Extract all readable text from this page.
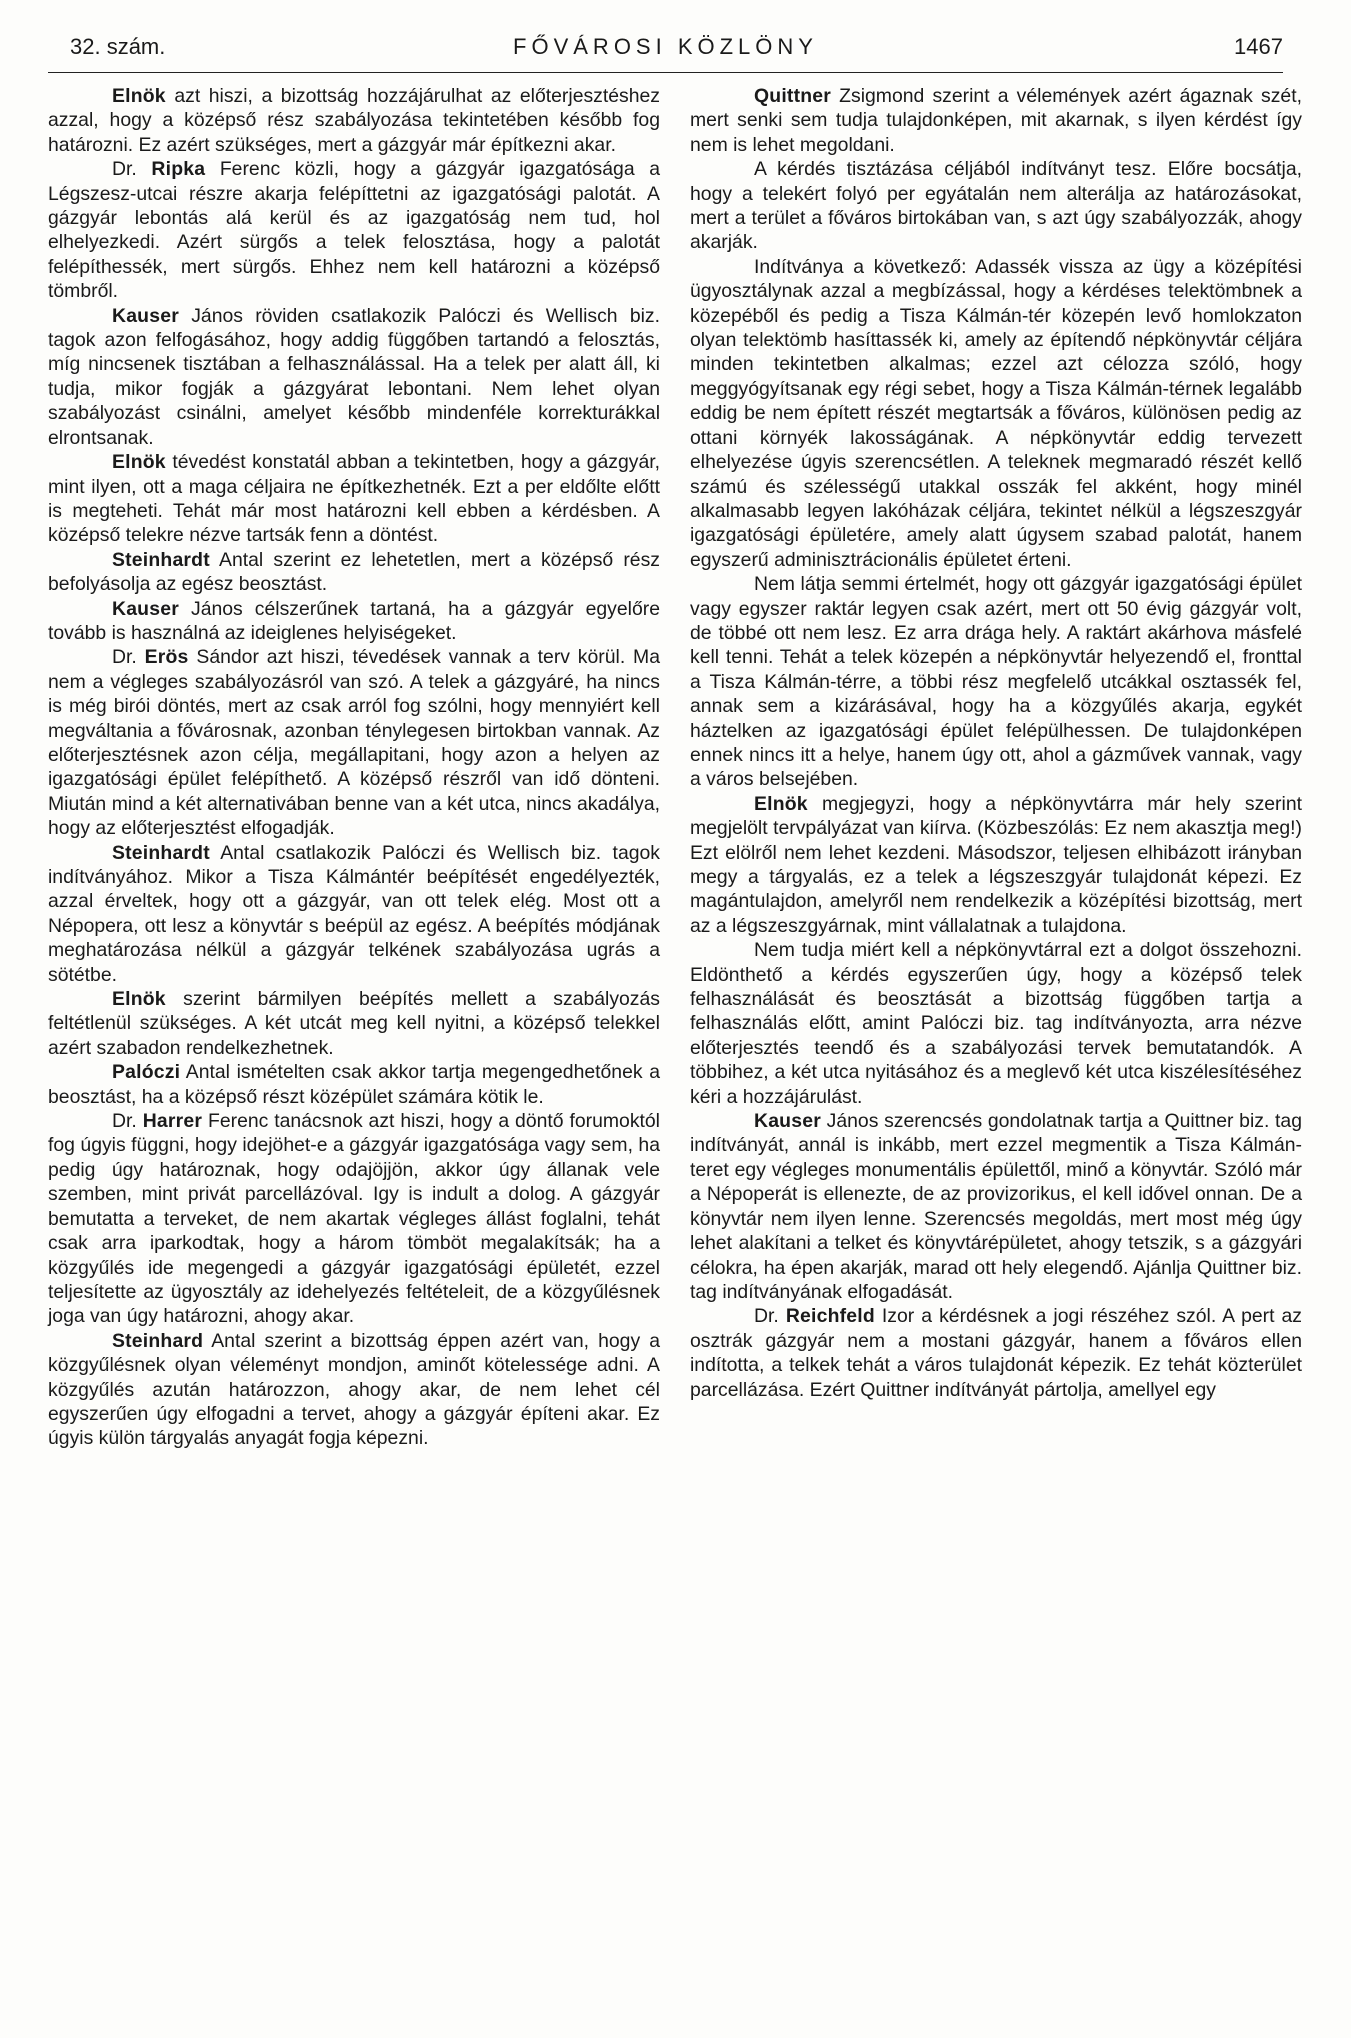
32. szám.	FŐVÁROSI KÖZLÖNY	1467

Elnök azt hiszi, a bizottság hozzájárulhat az előterjesztéshez azzal, hogy a középső rész szabályozása tekintetében később fog határozni. Ez azért szükséges, mert a gázgyár már építkezni akar.

Dr. Ripka Ferenc közli, hogy a gázgyár igazgatósága a Légszesz-utcai részre akarja felépíttetni az igazgatósági palotát. A gázgyár lebontás alá kerül és az igazgatóság nem tud, hol elhelyezkedi. Azért sürgős a telek felosztása, hogy a palotát felépíthessék, mert sürgős. Ehhez nem kell határozni a középső tömbről.

Kauser János röviden csatlakozik Palóczi és Wellisch biz. tagok azon felfogásához, hogy addig függőben tartandó a felosztás, míg nincsenek tisztában a felhasználással. Ha a telek per alatt áll, ki tudja, mikor fogják a gázgyárat lebontani. Nem lehet olyan szabályozást csinálni, amelyet később mindenféle korrekturákkal elrontsanak.

Elnök tévedést konstatál abban a tekintetben, hogy a gázgyár, mint ilyen, ott a maga céljaira ne építkezhetnék. Ezt a per eldőlte előtt is megteheti. Tehát már most határozni kell ebben a kérdésben. A középső telekre nézve tartsák fenn a döntést.

Steinhardt Antal szerint ez lehetetlen, mert a középső rész befolyásolja az egész beosztást.

Kauser János célszerűnek tartaná, ha a gázgyár egyelőre tovább is használná az ideiglenes helyiségeket.

Dr. Erös Sándor azt hiszi, tévedések vannak a terv körül. Ma nem a végleges szabályozásról van szó. A telek a gázgyáré, ha nincs is még birói döntés, mert az csak arról fog szólni, hogy mennyiért kell megváltania a fővárosnak, azonban ténylegesen birtokban vannak. Az előterjesztésnek azon célja, megállapitani, hogy azon a helyen az igazgatósági épület felépíthető. A középső részről van idő dönteni. Miután mind a két alternativában benne van a két utca, nincs akadálya, hogy az előterjesztést elfogadják.

Steinhardt Antal csatlakozik Palóczi és Wellisch biz. tagok indítványához. Mikor a Tisza Kálmántér beépítését engedélyezték, azzal érveltek, hogy ott a gázgyár, van ott telek elég. Most ott a Népopera, ott lesz a könyvtár s beépül az egész. A beépítés módjának meghatározása nélkül a gázgyár telkének szabályozása ugrás a sötétbe.

Elnök szerint bármilyen beépítés mellett a szabályozás feltétlenül szükséges. A két utcát meg kell nyitni, a középső telekkel azért szabadon rendelkezhetnek.

Palóczi Antal ismételten csak akkor tartja megengedhetőnek a beosztást, ha a középső részt középület számára kötik le.

Dr. Harrer Ferenc tanácsnok azt hiszi, hogy a döntő forumoktól fog úgyis függni, hogy idejöhet-e a gázgyár igazgatósága vagy sem, ha pedig úgy határoznak, hogy odajöjjön, akkor úgy állanak vele szemben, mint privát parcellázóval. Igy is indult a dolog. A gázgyár bemutatta a terveket, de nem akartak végleges állást foglalni, tehát csak arra iparkodtak, hogy a három tömböt megalakítsák; ha a közgyűlés ide megengedi a gázgyár igazgatósági épületét, ezzel teljesítette az ügyosztály az idehelyezés feltételeit, de a közgyűlésnek joga van úgy határozni, ahogy akar.

Steinhard Antal szerint a bizottság éppen azért van, hogy a közgyűlésnek olyan véleményt mondjon, aminőt kötelessége adni. A közgyűlés azután határozzon, ahogy akar, de nem lehet cél egyszerűen úgy elfogadni a tervet, ahogy a gázgyár építeni akar. Ez úgyis külön tárgyalás anyagát fogja képezni.

Quittner Zsigmond szerint a vélemények azért ágaznak szét, mert senki sem tudja tulajdonképen, mit akarnak, s ilyen kérdést így nem is lehet megoldani.

A kérdés tisztázása céljából indítványt tesz. Előre bocsátja, hogy a telekért folyó per egyátalán nem alterálja az határozásokat, mert a terület a főváros birtokában van, s azt úgy szabályozzák, ahogy akarják.

Indítványa a következő: Adassék vissza az ügy a középítési ügyosztálynak azzal a megbízással, hogy a kérdéses telektömbnek a közepéből és pedig a Tisza Kálmán-tér közepén levő homlokzaton olyan telektömb hasíttassék ki, amely az építendő népkönyvtár céljára minden tekintetben alkalmas; ezzel azt célozza szóló, hogy meggyógyítsanak egy régi sebet, hogy a Tisza Kálmán-térnek legalább eddig be nem épített részét megtartsák a főváros, különösen pedig az ottani környék lakosságának. A népkönyvtár eddig tervezett elhelyezése úgyis szerencsétlen. A teleknek megmaradó részét kellő számú és szélességű utakkal osszák fel akként, hogy minél alkalmasabb legyen lakóházak céljára, tekintet nélkül a légszeszgyár igazgatósági épületére, amely alatt úgysem szabad palotát, hanem egyszerű adminisztrácionális épületet érteni.

Nem látja semmi értelmét, hogy ott gázgyár igazgatósági épület vagy egyszer raktár legyen csak azért, mert ott 50 évig gázgyár volt, de többé ott nem lesz. Ez arra drága hely. A raktárt akárhova másfelé kell tenni. Tehát a telek közepén a népkönyvtár helyezendő el, fronttal a Tisza Kálmán-térre, a többi rész megfelelő utcákkal osztassék fel, annak sem a kizárásával, hogy ha a közgyűlés akarja, egykét háztelken az igazgatósági épület felépülhessen. De tulajdonképen ennek nincs itt a helye, hanem úgy ott, ahol a gázművek vannak, vagy a város belsejében.

Elnök megjegyzi, hogy a népkönyvtárra már hely szerint megjelölt tervpályázat van kiírva. (Közbeszólás: Ez nem akasztja meg!) Ezt elölről nem lehet kezdeni. Másodszor, teljesen elhibázott irányban megy a tárgyalás, ez a telek a légszeszgyár tulajdonát képezi. Ez magántulajdon, amelyről nem rendelkezik a középítési bizottság, mert az a légszeszgyárnak, mint vállalatnak a tulajdona.

Nem tudja miért kell a népkönyvtárral ezt a dolgot összehozni. Eldönthető a kérdés egyszerűen úgy, hogy a középső telek felhasználását és beosztását a bizottság függőben tartja a felhasználás előtt, amint Palóczi biz. tag indítványozta, arra nézve előterjesztés teendő és a szabályozási tervek bemutatandók. A többihez, a két utca nyitásához és a meglevő két utca kiszélesítéséhez kéri a hozzájárulást.

Kauser János szerencsés gondolatnak tartja a Quittner biz. tag indítványát, annál is inkább, mert ezzel megmentik a Tisza Kálmán-teret egy végleges monumentális épülettől, minő a könyvtár. Szóló már a Népoperát is ellenezte, de az provizorikus, el kell idővel onnan. De a könyvtár nem ilyen lenne. Szerencsés megoldás, mert most még úgy lehet alakítani a telket és könyvtárépületet, ahogy tetszik, s a gázgyári célokra, ha épen akarják, marad ott hely elegendő. Ajánlja Quittner biz. tag indítványának elfogadását.

Dr. Reichfeld Izor a kérdésnek a jogi részéhez szól. A pert az osztrák gázgyár nem a mostani gázgyár, hanem a főváros ellen indította, a telkek tehát a város tulajdonát képezik. Ez tehát közterület parcellázása. Ezért Quittner indítványát pártolja, amellyel egy
